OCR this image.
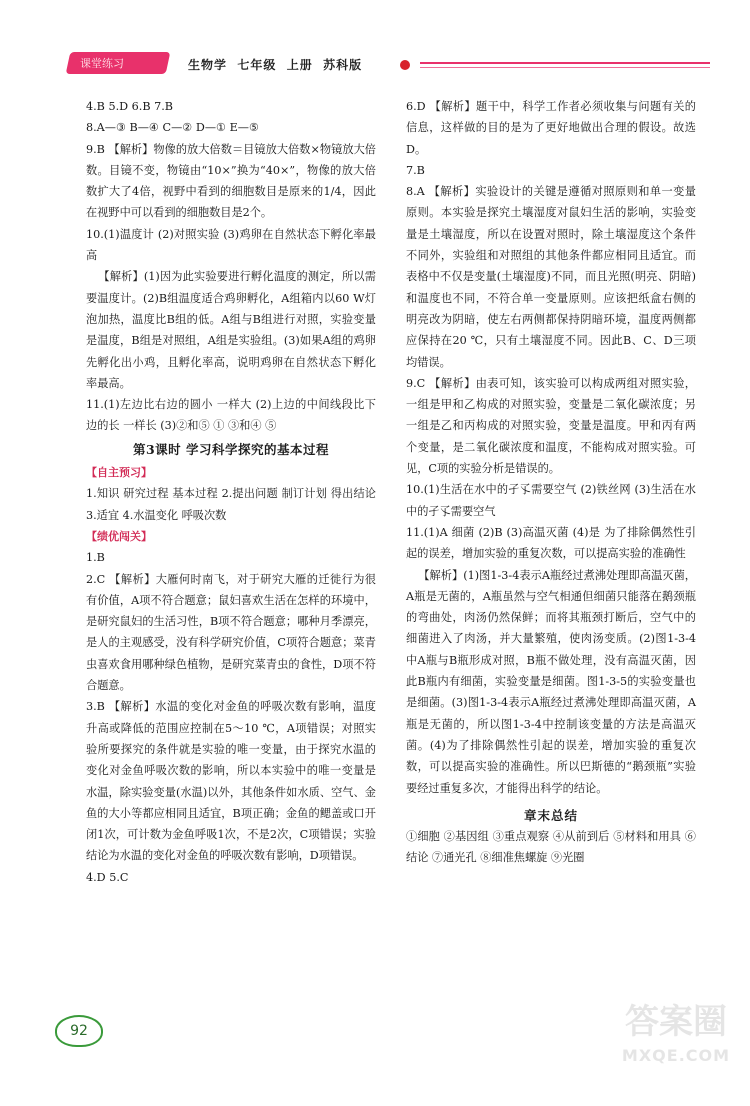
课堂练习	生物学  七年级  上册  苏科版

4.B 5.D 6.B 7.B

8.A—③ B—④ C—② D—① E—⑤

9.B 【解析】物像的放大倍数＝目镜放大倍数×物镜放大倍数。目镜不变，物镜由“10×”换为“40×”，物像的放大倍数扩大了4倍，视野中看到的细胞数目是原来的1/4，因此在视野中可以看到的细胞数目是2个。

10.(1)温度计 (2)对照实验 (3)鸡卵在自然状态下孵化率最高

【解析】(1)因为此实验要进行孵化温度的测定，所以需要温度计。(2)B组温度适合鸡卵孵化，A组箱内以60 W灯泡加热，温度比B组的低。A组与B组进行对照，实验变量是温度，B组是对照组，A组是实验组。(3)如果A组的鸡卵先孵化出小鸡，且孵化率高，说明鸡卵在自然状态下孵化率最高。

11.(1)左边比右边的圆小 一样大 (2)上边的中间线段比下边的长 一样长 (3)②和⑤ ① ③和④ ⑤

第3课时 学习科学探究的基本过程

【自主预习】

1.知识 研究过程 基本过程 2.提出问题 制订计划 得出结论 3.适宜 4.水温变化 呼吸次数

【绩优闯关】

1.B

2.C 【解析】大雁何时南飞，对于研究大雁的迁徙行为很有价值，A项不符合题意；鼠妇喜欢生活在怎样的环境中，是研究鼠妇的生活习性，B项不符合题意；哪种月季漂亮，是人的主观感受，没有科学研究价值，C项符合题意；菜青虫喜欢食用哪种绿色植物，是研究菜青虫的食性，D项不符合题意。

3.B 【解析】水温的变化对金鱼的呼吸次数有影响，温度升高或降低的范围应控制在5～10 ℃，A项错误；对照实验所要探究的条件就是实验的唯一变量，由于探究水温的变化对金鱼呼吸次数的影响，所以本实验中的唯一变量是水温，除实验变量(水温)以外，其他条件如水质、空气、金鱼的大小等都应相同且适宜，B项正确；金鱼的鳃盖或口开闭1次，可计数为金鱼呼吸1次，不是2次，C项错误；实验结论为水温的变化对金鱼的呼吸次数有影响，D项错误。

4.D 5.C

6.D 【解析】题干中，科学工作者必须收集与问题有关的信息，这样做的目的是为了更好地做出合理的假设。故选D。

7.B

8.A 【解析】实验设计的关键是遵循对照原则和单一变量原则。本实验是探究土壤湿度对鼠妇生活的影响，实验变量是土壤湿度，所以在设置对照时，除土壤湿度这个条件不同外，实验组和对照组的其他条件都应相同且适宜。而表格中不仅是变量(土壤湿度)不同，而且光照(明亮、阴暗)和温度也不同，不符合单一变量原则。应该把纸盒右侧的明亮改为阴暗，使左右两侧都保持阴暗环境，温度两侧都应保持在20 ℃，只有土壤湿度不同。因此B、C、D三项均错误。

9.C 【解析】由表可知，该实验可以构成两组对照实验，一组是甲和乙构成的对照实验，变量是二氧化碳浓度；另一组是乙和丙构成的对照实验，变量是温度。甲和丙有两个变量，是二氧化碳浓度和温度，不能构成对照实验。可见，C项的实验分析是错误的。

10.(1)生活在水中的孑孓需要空气 (2)铁丝网 (3)生活在水中的孑孓需要空气

11.(1)A 细菌 (2)B (3)高温灭菌 (4)是 为了排除偶然性引起的误差，增加实验的重复次数，可以提高实验的准确性

【解析】(1)图1-3-4表示A瓶经过煮沸处理即高温灭菌，A瓶是无菌的，A瓶虽然与空气相通但细菌只能落在鹅颈瓶的弯曲处，肉汤仍然保鲜；而将其瓶颈打断后，空气中的细菌进入了肉汤，并大量繁殖，使肉汤变质。(2)图1-3-4中A瓶与B瓶形成对照，B瓶不做处理，没有高温灭菌，因此B瓶内有细菌，实验变量是细菌。图1-3-5的实验变量也是细菌。(3)图1-3-4表示A瓶经过煮沸处理即高温灭菌，A瓶是无菌的，所以图1-3-4中控制该变量的方法是高温灭菌。(4)为了排除偶然性引起的误差，增加实验的重复次数，可以提高实验的准确性。所以巴斯德的“鹅颈瓶”实验要经过重复多次，才能得出科学的结论。

章末总结

①细胞 ②基因组 ③重点观察 ④从前到后 ⑤材料和用具 ⑥结论 ⑦通光孔 ⑧细准焦螺旋 ⑨光圈

92	答案圈
MXQE.COM
